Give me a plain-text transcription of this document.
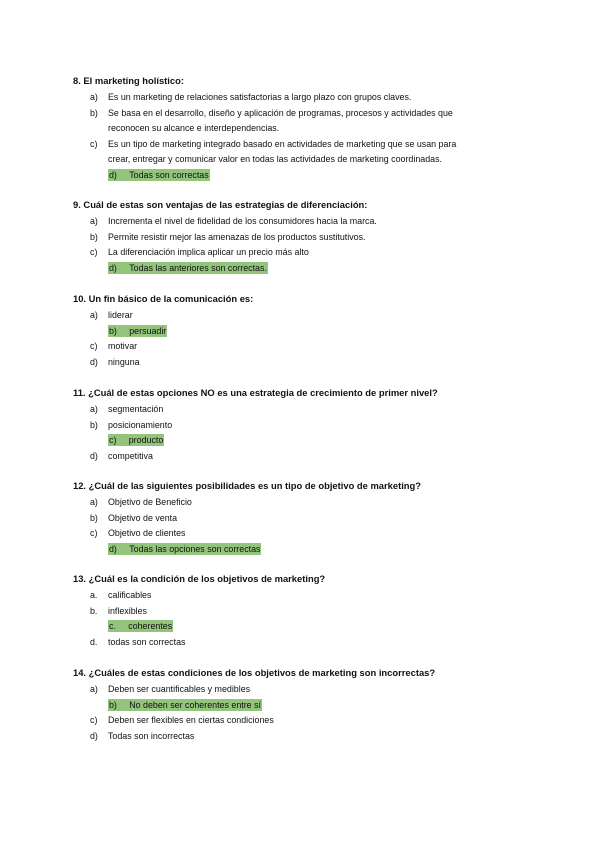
8. El marketing holístico:
a) Es un marketing de relaciones satisfactorias a largo plazo con grupos claves.
b) Se basa en el desarrollo, diseño y aplicación de programas, procesos y actividades que
reconocen su alcance e interdependencias.
c) Es un tipo de marketing integrado basado en actividades de marketing que se usan para
crear, entregar y comunicar valor en todas las actividades de marketing coordinadas.
d) Todas son correctas
9. Cuál de estas son ventajas de las estrategias de diferenciación:
a) Incrementa el nivel de fidelidad de los consumidores hacia la marca.
b) Permite resistir mejor las amenazas de los productos sustitutivos.
c) La diferenciación implica aplicar un precio más alto
d) Todas las anteriores son correctas.
10. Un fin básico de la comunicación es:
a) liderar
b) persuadir
c) motivar
d) ninguna
11. ¿Cuál de estas opciones NO es una estrategia de crecimiento de primer nivel?
a) segmentación
b) posicionamiento
c) producto
d) competitiva
12. ¿Cuál de las siguientes posibilidades es un tipo de objetivo de marketing?
a) Objetivo de Beneficio
b) Objetivo de venta
c) Objetivo de clientes
d) Todas las opciones son correctas
13. ¿Cuál es la condición de los objetivos de marketing?
a. calificables
b. inflexibles
c. coherentes
d. todas son correctas
14. ¿Cuáles de estas condiciones de los objetivos de marketing son incorrectas?
a) Deben ser cuantificables y medibles
b) No deben ser coherentes entre sí
c) Deben ser flexibles en ciertas condiciones
d) Todas son incorrectas
